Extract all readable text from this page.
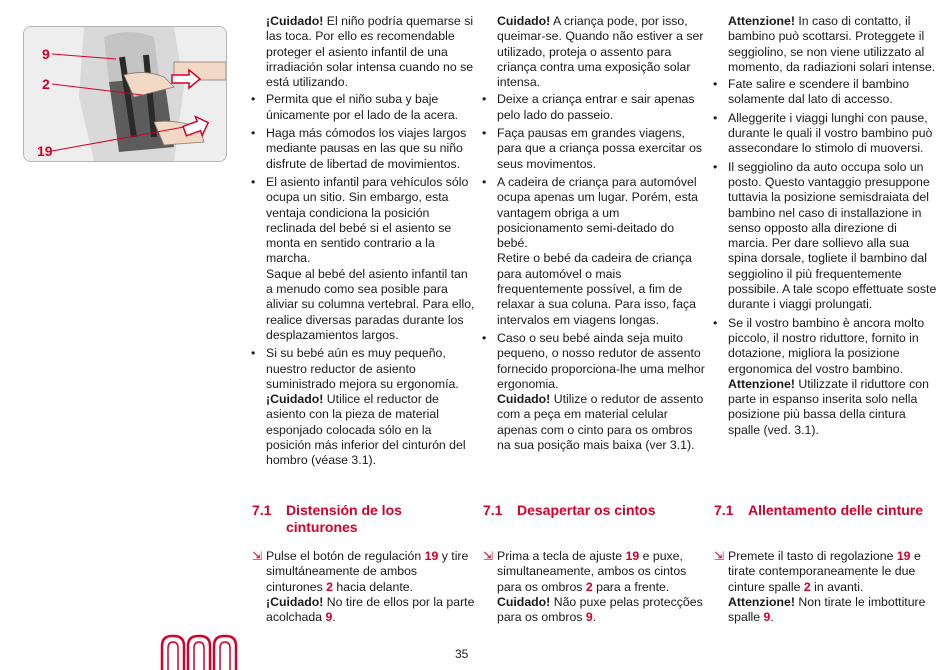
9
2
19

¡Cuidado! El niño podría quemarse si las toca. Por ello es recomendable proteger el asiento infantil de una irradiación solar intensa cuando no se está utilizando.

• Permita que el niño suba y baje únicamente por el lado de la acera.
• Haga más cómodos los viajes largos mediante pausas en las que su niño disfrute de libertad de movimientos.
• El asiento infantil para vehículos sólo ocupa un sitio. Sin embargo, esta ventaja condiciona la posición reclinada del bebé si el asiento se monta en sentido contrario a la marcha.
Saque al bebé del asiento infantil tan a menudo como sea posible para aliviar su columna vertebral. Para ello, realice diversas paradas durante los desplazamientos largos.
• Si su bebé aún es muy pequeño, nuestro reductor de asiento suministrado mejora su ergonomía.
¡Cuidado! Utilice el reductor de asiento con la pieza de material esponjado colocada sólo en la posición más inferior del cinturón del hombro (véase 3.1).

Cuidado! A criança pode, por isso, queimar-se. Quando não estiver a ser utilizado, proteja o assento para criança contra uma exposição solar intensa.

• Deixe a criança entrar e sair apenas pelo lado do passeio.
• Faça pausas em grandes viagens, para que a criança possa exercitar os seus movimentos.
• A cadeira de criança para automóvel ocupa apenas um lugar. Porém, esta vantagem obriga a um posicionamento semi-deitado do bebé.
Retire o bebé da cadeira de criança para automóvel o mais frequentemente possível, a fim de relaxar a sua coluna. Para isso, faça intervalos em viagens longas.
• Caso o seu bebé ainda seja muito pequeno, o nosso redutor de assento fornecido proporciona-lhe uma melhor ergonomia.
Cuidado! Utilize o redutor de assento com a peça em material celular apenas com o cinto para os ombros na sua posição mais baixa (ver 3.1).

Attenzione! In caso di contatto, il bambino può scottarsi. Proteggete il seggiolino, se non viene utilizzato al momento, da radiazioni solari intense.

• Fate salire e scendere il bambino solamente dal lato di accesso.
• Alleggerite i viaggi lunghi con pause, durante le quali il vostro bambino può assecondare lo stimolo di muoversi.
• Il seggiolino da auto occupa solo un posto. Questo vantaggio presuppone tuttavia la posizione semisdraiata del bambino nel caso di installazione in senso opposto alla direzione di marcia. Per dare sollievo alla sua spina dorsale, togliete il bambino dal seggiolino il più frequentemente possibile. A tale scopo effettuate soste durante i viaggi prolungati.
• Se il vostro bambino è ancora molto piccolo, il nostro riduttore, fornito in dotazione, migliora la posizione ergonomica del vostro bambino.
Attenzione! Utilizzate il riduttore con parte in espanso inserita solo nella posizione più bassa della cintura spalle (ved. 3.1).
7.1	Distensión de los cinturones
⇲ Pulse el botón de regulación 19 y tire simultáneamente de ambos cinturones 2 hacia delante.
¡Cuidado! No tire de ellos por la parte acolchada 9.
7.1	Desapertar os cintos
⇲ Prima a tecla de ajuste 19 e puxe, simultaneamente, ambos os cintos para os ombros 2 para a frente.
Cuidado! Não puxe pelas protecções para os ombros 9.
7.1	Allentamento delle cinture
⇲ Premete il tasto di regolazione 19 e tirate contemporaneamente le due cinture spalle 2 in avanti.
Attenzione! Non tirate le imbottiture spalle 9.
35
